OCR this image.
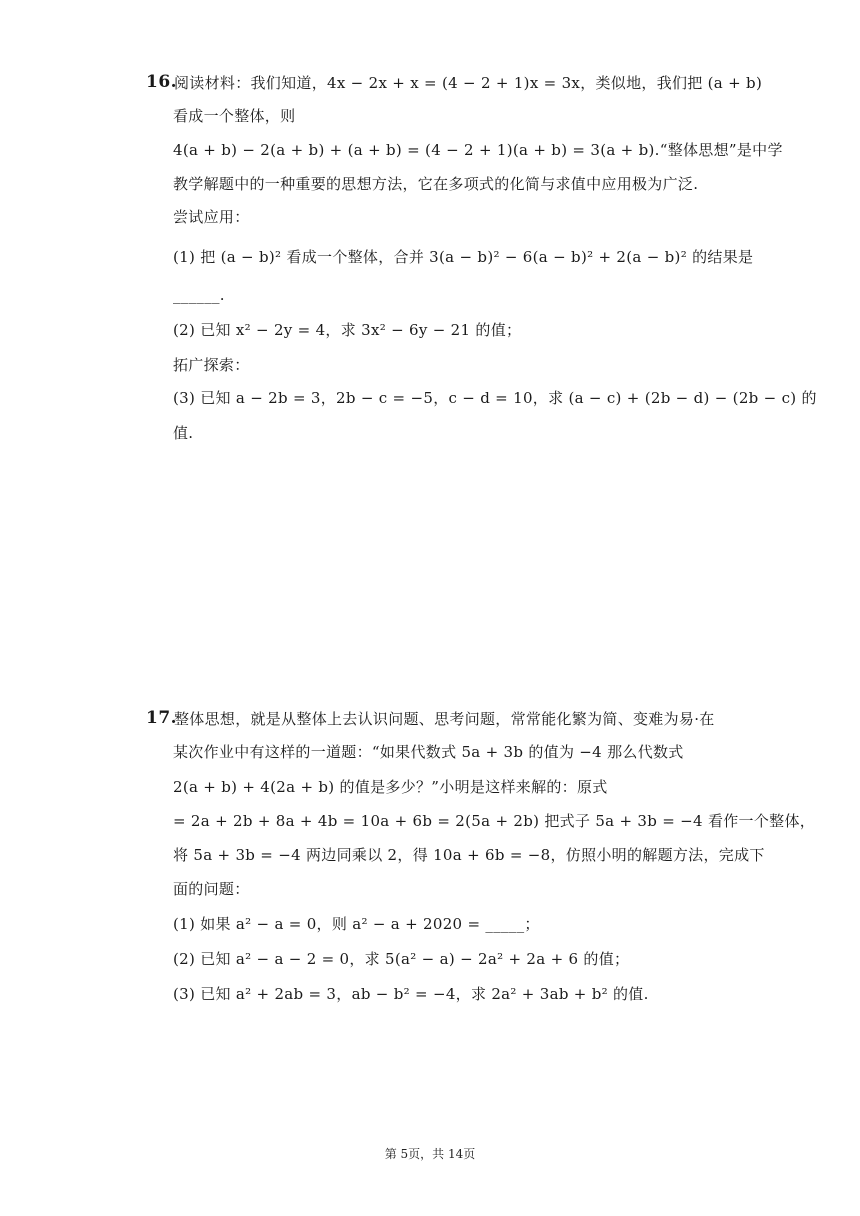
16.
阅读材料：我们知道，4x − 2x + x = (4 − 2 + 1)x = 3x，类似地，我们把 (a + b)
看成一个整体，则
4(a + b) − 2(a + b) + (a + b) = (4 − 2 + 1)(a + b) = 3(a + b).“整体思想”是中学
教学解题中的一种重要的思想方法，它在多项式的化简与求值中应用极为广泛.
尝试应用：
(1) 把 (a − b)² 看成一个整体，合并 3(a − b)² − 6(a − b)² + 2(a − b)² 的结果是
______.
(2) 已知 x² − 2y = 4，求 3x² − 6y − 21 的值；
拓广探索：
(3) 已知 a − 2b = 3，2b − c = −5，c − d = 10，求 (a − c) + (2b − d) − (2b − c) 的
值.
17.
整体思想，就是从整体上去认识问题、思考问题，常常能化繁为简、变难为易·在
某次作业中有这样的一道题：“如果代数式 5a + 3b 的值为 −4 那么代数式
2(a + b) + 4(2a + b) 的值是多少？”小明是这样来解的：原式
= 2a + 2b + 8a + 4b = 10a + 6b = 2(5a + 2b) 把式子 5a + 3b = −4 看作一个整体，
将 5a + 3b = −4 两边同乘以 2，得 10a + 6b = −8，仿照小明的解题方法，完成下
面的问题：
(1) 如果 a² − a = 0，则 a² − a + 2020 = _____；
(2) 已知 a² − a − 2 = 0，求 5(a² − a) − 2a² + 2a + 6 的值；
(3) 已知 a² + 2ab = 3，ab − b² = −4，求 2a² + 3ab + b² 的值.
第 5页，共 14页
